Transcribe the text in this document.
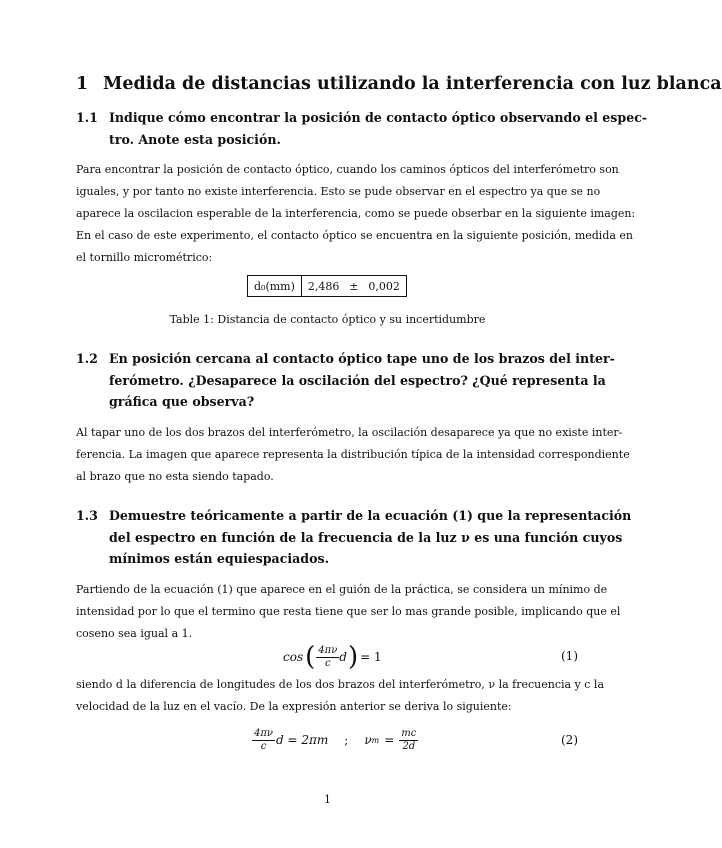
1 Medida de distancias utilizando la interferencia con luz blanca
1.1 Indique cómo encontrar la posición de contacto óptico observando el espec-
tro. Anote esta posición.
Para encontrar la posición de contacto óptico, cuando los caminos ópticos del interferómetro son
iguales, y por tanto no existe interferencia. Esto se pude observar en el espectro ya que se no
aparece la oscilacion esperable de la interferencia, como se puede obserbar en la siguiente imagen:
En el caso de este experimento, el contacto óptico se encuentra en la siguiente posición, medida en
el tornillo micrométrico:
d₀(mm)	2,486 ± 0,002
Table 1: Distancia de contacto óptico y su incertidumbre
1.2 En posición cercana al contacto óptico tape uno de los brazos del inter-
ferómetro. ¿Desaparece la oscilación del espectro? ¿Qué representa la
gráfica que observa?
Al tapar uno de los dos brazos del interferómetro, la oscilación desaparece ya que no existe inter-
ferencia. La imagen que aparece representa la distribución típica de la intensidad correspondiente
al brazo que no esta siendo tapado.
1.3 Demuestre teóricamente a partir de la ecuación (1) que la representación
del espectro en función de la frecuencia de la luz ν es una función cuyos
mínimos están equiespaciados.
Partiendo de la ecuación (1) que aparece en el guión de la práctica, se considera un mínimo de
intensidad por lo que el termino que resta tiene que ser lo mas grande posible, implicando que el
coseno sea igual a 1.
cos ( $\frac{4\pi\nu}{c}$ d ) = 1	(1)
siendo d la diferencia de longitudes de los dos brazos del interferómetro, ν la frecuencia y c la
velocidad de la luz en el vacío. De la expresión anterior se deriva lo siguiente:
$\frac{4\pi\nu}{c}$ d = 2πm ; ν $m = \frac{mc}{2d}$	(2)
1
